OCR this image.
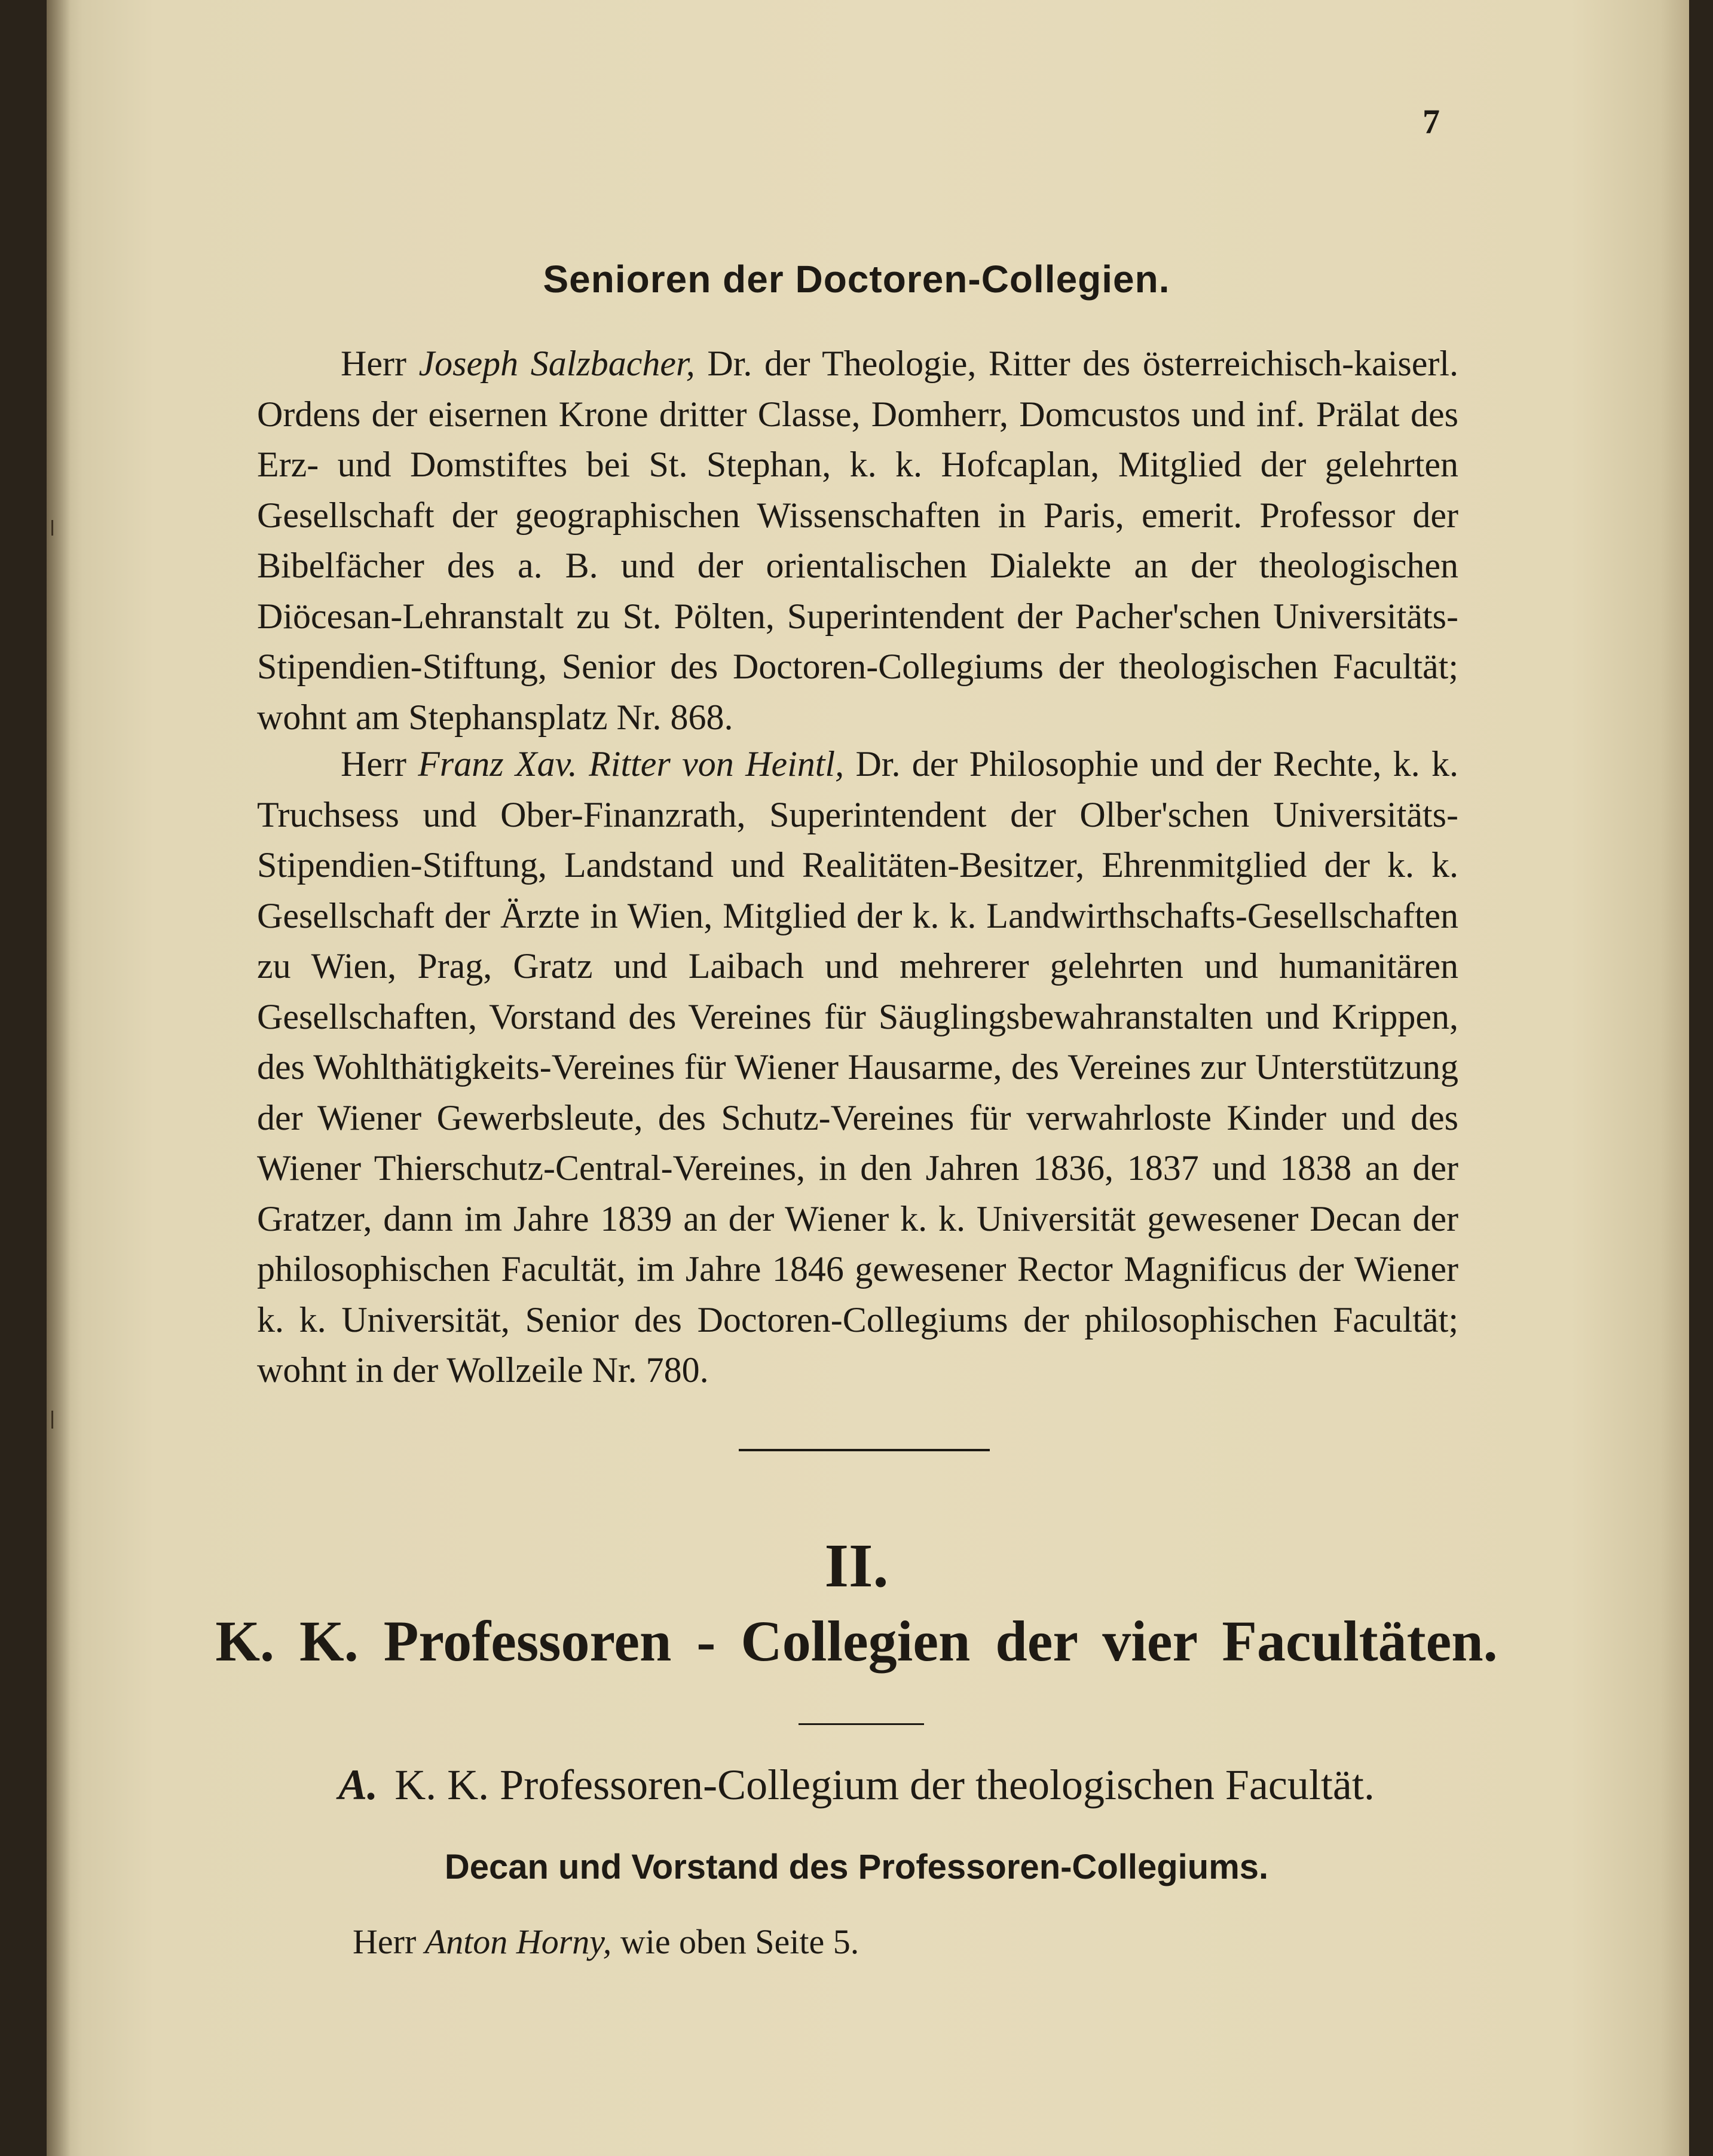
7
Senioren der Doctoren-Collegien.
Herr Joseph Salzbacher, Dr. der Theologie, Ritter des österreichisch-kaiserl. Ordens der eisernen Krone dritter Classe, Domherr, Domcustos und inf. Prälat des Erz- und Domstiftes bei St. Stephan, k. k. Hofcaplan, Mitglied der gelehrten Gesellschaft der geographischen Wissenschaften in Paris, emerit. Professor der Bibelfächer des a. B. und der orientalischen Dialekte an der theologischen Diöcesan-Lehranstalt zu St. Pölten, Superintendent der Pacher'schen Universitäts-Stipendien-Stiftung, Senior des Doctoren-Collegiums der theologischen Facultät; wohnt am Stephansplatz Nr. 868.
Herr Franz Xav. Ritter von Heintl, Dr. der Philosophie und der Rechte, k. k. Truchsess und Ober-Finanzrath, Superintendent der Olber'schen Universitäts-Stipendien-Stiftung, Landstand und Realitäten-Besitzer, Ehrenmitglied der k. k. Gesellschaft der Ärzte in Wien, Mitglied der k. k. Landwirthschafts-Gesellschaften zu Wien, Prag, Gratz und Laibach und mehrerer gelehrten und humanitären Gesellschaften, Vorstand des Vereines für Säuglingsbewahranstalten und Krippen, des Wohlthätigkeits-Vereines für Wiener Hausarme, des Vereines zur Unterstützung der Wiener Gewerbsleute, des Schutz-Vereines für verwahrloste Kinder und des Wiener Thierschutz-Central-Vereines, in den Jahren 1836, 1837 und 1838 an der Gratzer, dann im Jahre 1839 an der Wiener k. k. Universität gewesener Decan der philosophischen Facultät, im Jahre 1846 gewesener Rector Magnificus der Wiener k. k. Universität, Senior des Doctoren-Collegiums der philosophischen Facultät; wohnt in der Wollzeile Nr. 780.
II.
K. K. Professoren - Collegien der vier Facultäten.
A. K. K. Professoren-Collegium der theologischen Facultät.
Decan und Vorstand des Professoren-Collegiums.
Herr Anton Horny, wie oben Seite 5.
